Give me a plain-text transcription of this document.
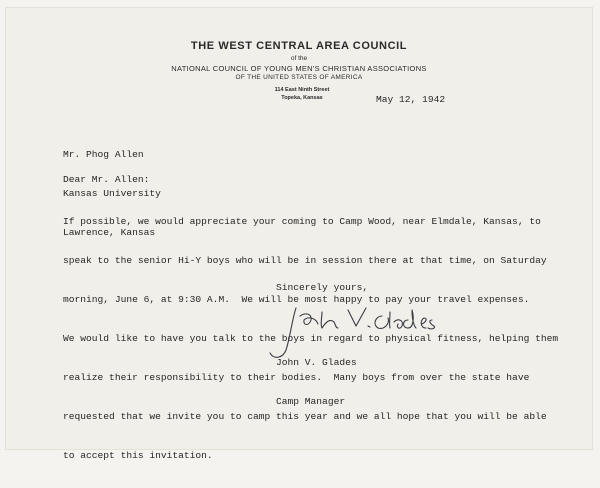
THE WEST CENTRAL AREA COUNCIL
of the
NATIONAL COUNCIL OF YOUNG MEN'S CHRISTIAN ASSOCIATIONS
OF THE UNITED STATES OF AMERICA
114 East Ninth Street
Topeka, Kansas	May 12, 1942

Mr. Phog Allen

Kansas University

Lawrence, Kansas

Dear Mr. Allen:

If possible, we would appreciate your coming to Camp Wood, near Elmdale, Kansas, to

speak to the senior Hi-Y boys who will be in session there at that time, on Saturday

morning, June 6, at 9:30 A.M.  We will be most happy to pay your travel expenses.

We would like to have you talk to the boys in regard to physical fitness, helping them

realize their responsibility to their bodies.  Many boys from over the state have

requested that we invite you to camp this year and we all hope that you will be able

to accept this invitation.

Sincerely yours,

John V. Glades

Camp Manager
